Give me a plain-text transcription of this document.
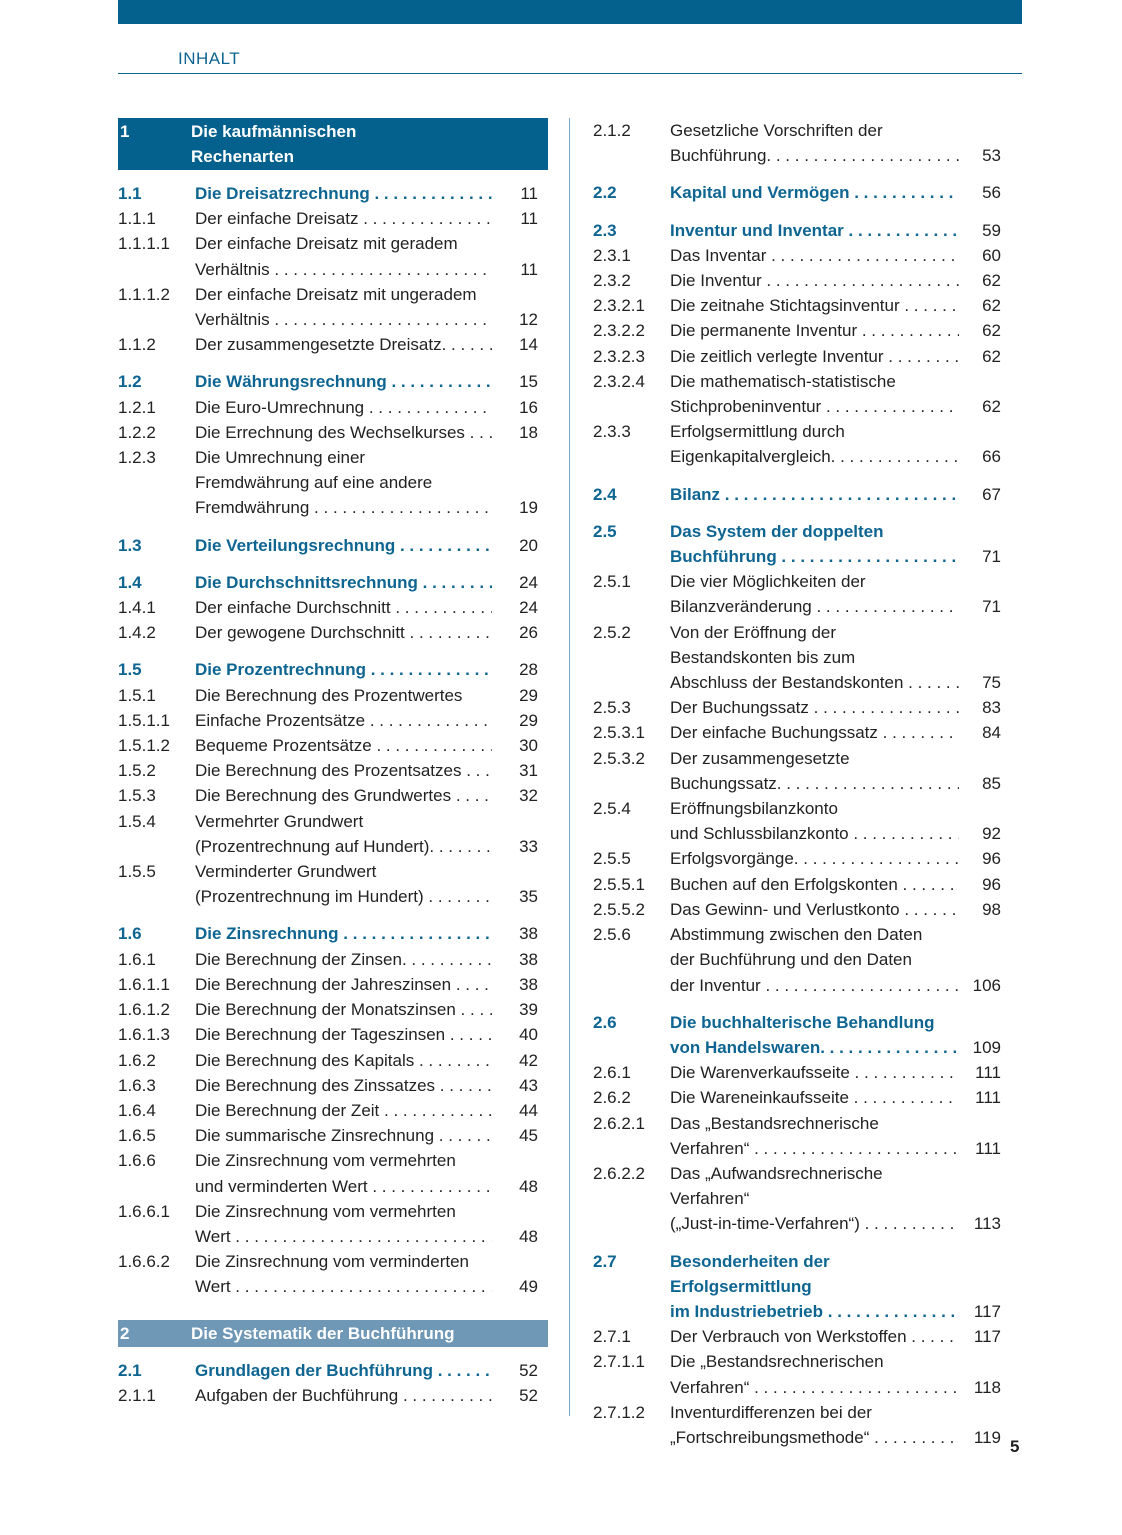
INHALT
1	Die kaufmännischen
Rechenarten
1.1	Die Dreisatzrechnung . . .	11
1.1.1	Der einfache Dreisatz . . .	11
1.1.1.1	Der einfache Dreisatz mit geradem
Verhältnis . . .	11
1.1.1.2	Der einfache Dreisatz mit ungeradem
Verhältnis . . .	12
1.1.2	Der zusammengesetzte Dreisatz. . . .	14
1.2	Die Währungsrechnung . . .	15
1.2.1	Die Euro-Umrechnung . . .	16
1.2.2	Die Errechnung des Wechselkurses . . .	18
1.2.3	Die Umrechnung einer
Fremdwährung auf eine andere
Fremdwährung . . .	19
1.3	Die Verteilungsrechnung . . .	20
1.4	Die Durchschnittsrechnung . . .	24
1.4.1	Der einfache Durchschnitt . . .	24
1.4.2	Der gewogene Durchschnitt . . .	26
1.5	Die Prozentrechnung . . .	28
1.5.1	Die Berechnung des Prozentwertes	29
1.5.1.1	Einfache Prozentsätze . . .	29
1.5.1.2	Bequeme Prozentsätze . . .	30
1.5.2	Die Berechnung des Prozentsatzes . . .	31
1.5.3	Die Berechnung des Grundwertes . . .	32
1.5.4	Vermehrter Grundwert
(Prozentrechnung auf Hundert). . . .	33
1.5.5	Verminderter Grundwert
(Prozentrechnung im Hundert) . . .	35
1.6	Die Zinsrechnung . . .	38
1.6.1	Die Berechnung der Zinsen. . . .	38
1.6.1.1	Die Berechnung der Jahreszinsen . . .	38
1.6.1.2	Die Berechnung der Monatszinsen . . .	39
1.6.1.3	Die Berechnung der Tageszinsen . . .	40
1.6.2	Die Berechnung des Kapitals . . .	42
1.6.3	Die Berechnung des Zinssatzes . . .	43
1.6.4	Die Berechnung der Zeit . . .	44
1.6.5	Die summarische Zinsrechnung . . .	45
1.6.6	Die Zinsrechnung vom vermehrten
und verminderten Wert . . .	48
1.6.6.1	Die Zinsrechnung vom vermehrten
Wert . . .	48
1.6.6.2	Die Zinsrechnung vom verminderten
Wert . . .	49
2	Die Systematik der Buchführung
2.1	Grundlagen der Buchführung . . .	52
2.1.1	Aufgaben der Buchführung . . .	52
2.1.2	Gesetzliche Vorschriften der
Buchführung. . . .	53
2.2	Kapital und Vermögen . . .	56
2.3	Inventur und Inventar . . .	59
2.3.1	Das Inventar . . .	60
2.3.2	Die Inventur . . .	62
2.3.2.1	Die zeitnahe Stichtagsinventur . . .	62
2.3.2.2	Die permanente Inventur . . .	62
2.3.2.3	Die zeitlich verlegte Inventur . . .	62
2.3.2.4	Die mathematisch-statistische
Stichprobeninventur . . .	62
2.3.3	Erfolgsermittlung durch
Eigenkapitalvergleich. . . .	66
2.4	Bilanz . . .	67
2.5	Das System der doppelten
Buchführung . . .	71
2.5.1	Die vier Möglichkeiten der
Bilanzveränderung . . .	71
2.5.2	Von der Eröffnung der
Bestandskonten bis zum
Abschluss der Bestandskonten . . .	75
2.5.3	Der Buchungssatz . . .	83
2.5.3.1	Der einfache Buchungssatz . . .	84
2.5.3.2	Der zusammengesetzte
Buchungssatz. . . .	85
2.5.4	Eröffnungsbilanzkonto
und Schlussbilanzkonto . . .	92
2.5.5	Erfolgsvorgänge. . . .	96
2.5.5.1	Buchen auf den Erfolgskonten . . .	96
2.5.5.2	Das Gewinn- und Verlustkonto . . .	98
2.5.6	Abstimmung zwischen den Daten
der Buchführung und den Daten
der Inventur . . .	106
2.6	Die buchhalterische Behandlung
von Handelswaren. . . .	109
2.6.1	Die Warenverkaufsseite . . .	111
2.6.2	Die Wareneinkaufsseite . . .	111
2.6.2.1	Das „Bestandsrechnerische
Verfahren“ . . .	111
2.6.2.2	Das „Aufwandsrechnerische Verfahren“
(„Just-in-time-Verfahren“) . . .	113
2.7	Besonderheiten der
Erfolgsermittlung
im Industriebetrieb . . .	117
2.7.1	Der Verbrauch von Werkstoffen . . .	117
2.7.1.1	Die „Bestandsrechnerischen
Verfahren“ . . .	118
2.7.1.2	Inventurdifferenzen bei der
„Fortschreibungsmethode“ . . .	119 5
